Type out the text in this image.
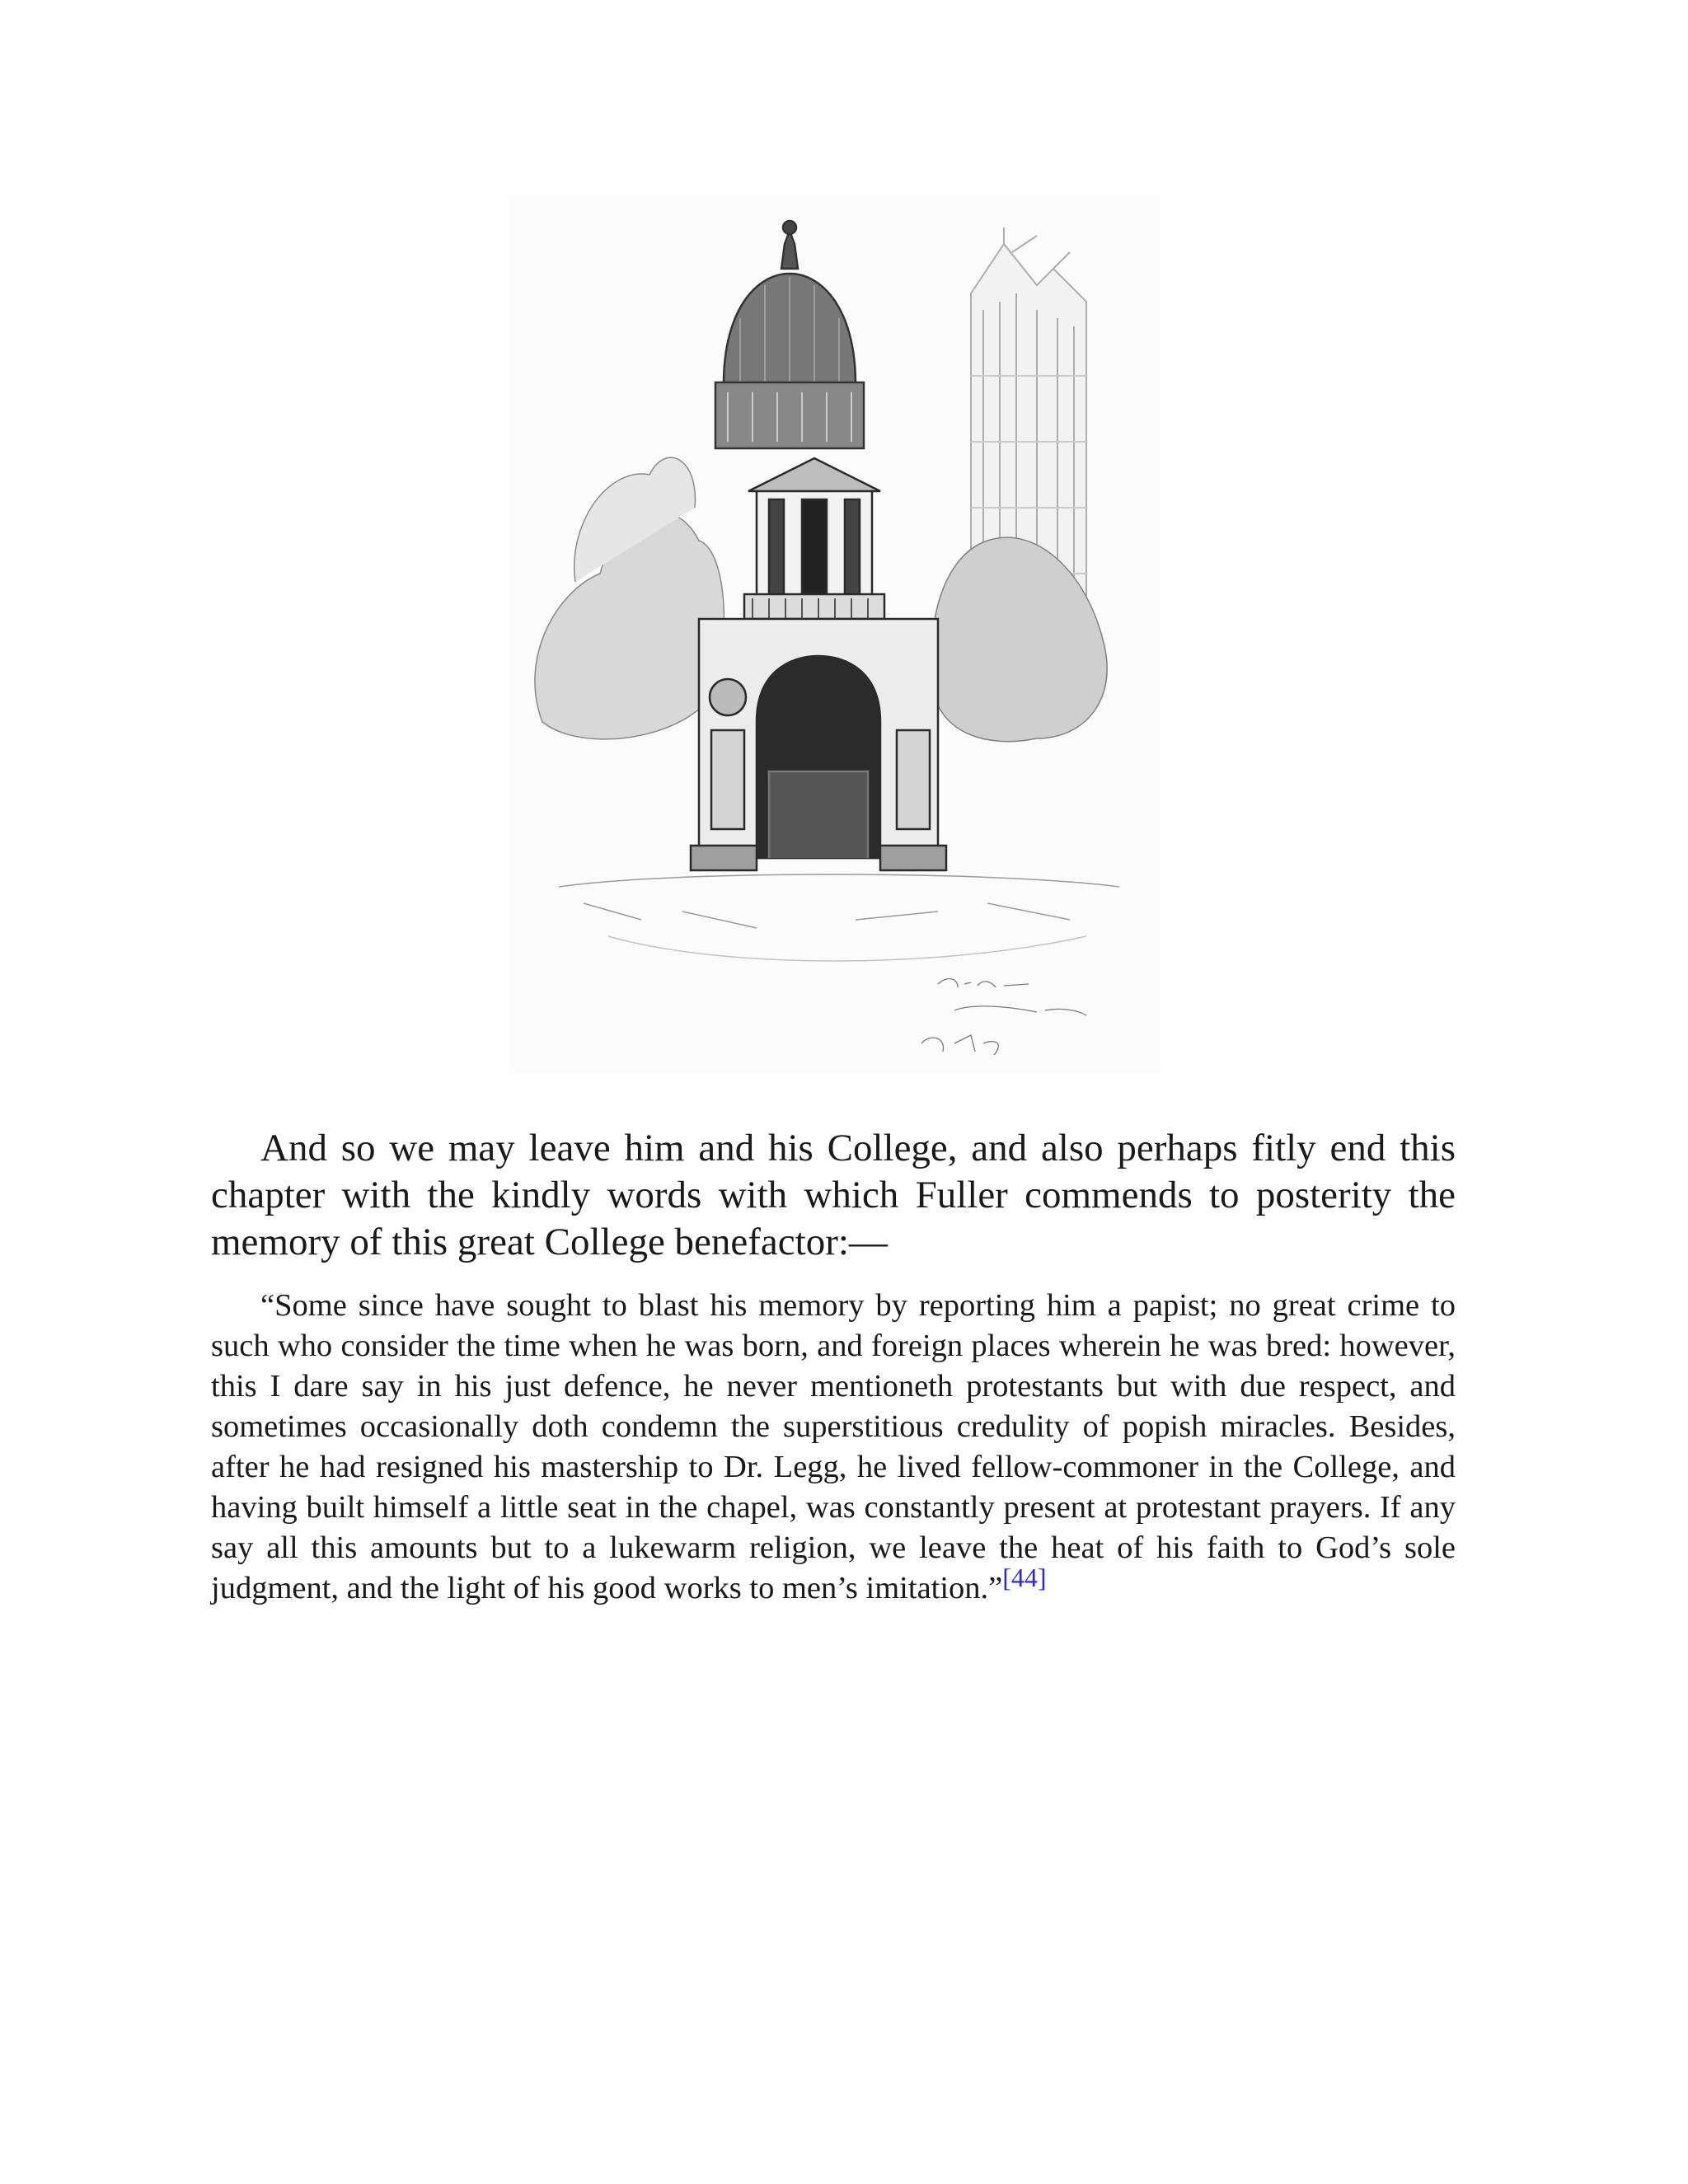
And so we may leave him and his College, and also perhaps fitly end this chapter with the kindly words with which Fuller commends to posterity the memory of this great College benefactor:—

“Some since have sought to blast his memory by reporting him a papist; no great crime to such who consider the time when he was born, and foreign places wherein he was bred: however, this I dare say in his just defence, he never mentioneth protestants but with due respect, and sometimes occasionally doth condemn the superstitious credulity of popish miracles. Besides, after he had resigned his mastership to Dr. Legg, he lived fellow-commoner in the College, and having built himself a little seat in the chapel, was constantly present at protestant prayers. If any say all this amounts but to a lukewarm religion, we leave the heat of his faith to God’s sole judgment, and the light of his good works to men’s imitation.”[44]
